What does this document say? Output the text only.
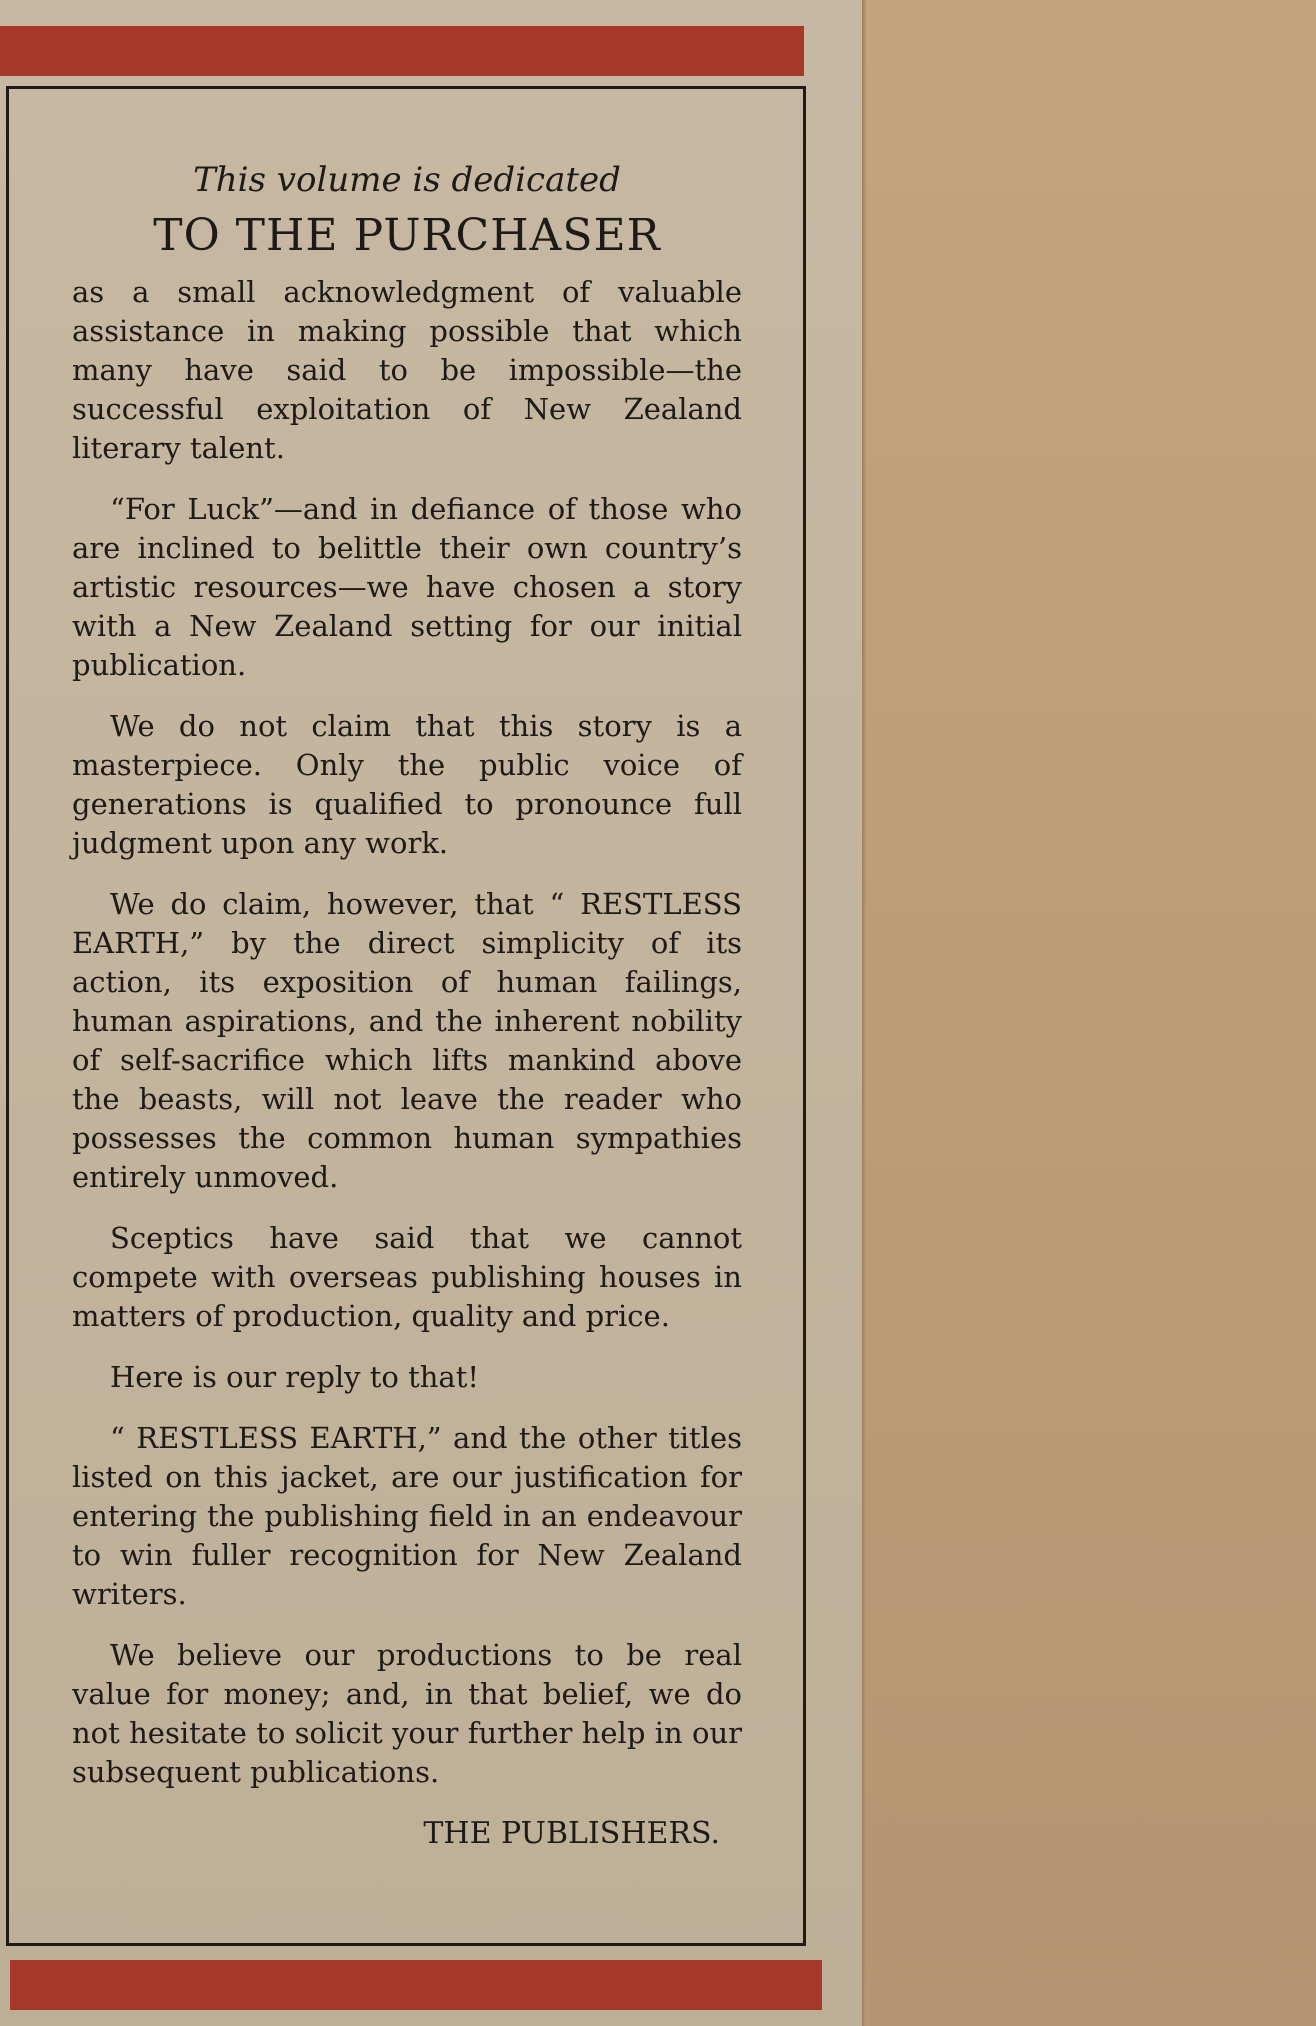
This volume is dedicated
TO THE PURCHASER

as a small acknowledgment of valuable assistance in making possible that which many have said to be impossible—the successful exploitation of New Zealand literary talent.

“For Luck”—and in defiance of those who are inclined to belittle their own country’s artistic resources—we have chosen a story with a New Zealand setting for our initial publication.

We do not claim that this story is a masterpiece. Only the public voice of generations is qualified to pronounce full judgment upon any work.

We do claim, however, that “ RESTLESS EARTH,” by the direct simplicity of its action, its exposition of human failings, human aspirations, and the inherent nobility of self-sacrifice which lifts mankind above the beasts, will not leave the reader who possesses the common human sympathies entirely unmoved.

Sceptics have said that we cannot compete with overseas publishing houses in matters of production, quality and price.

Here is our reply to that!

“ RESTLESS EARTH,” and the other titles listed on this jacket, are our justification for entering the publishing field in an endeavour to win fuller recognition for New Zealand writers.

We believe our productions to be real value for money; and, in that belief, we do not hesitate to solicit your further help in our subsequent publications.

THE PUBLISHERS.
